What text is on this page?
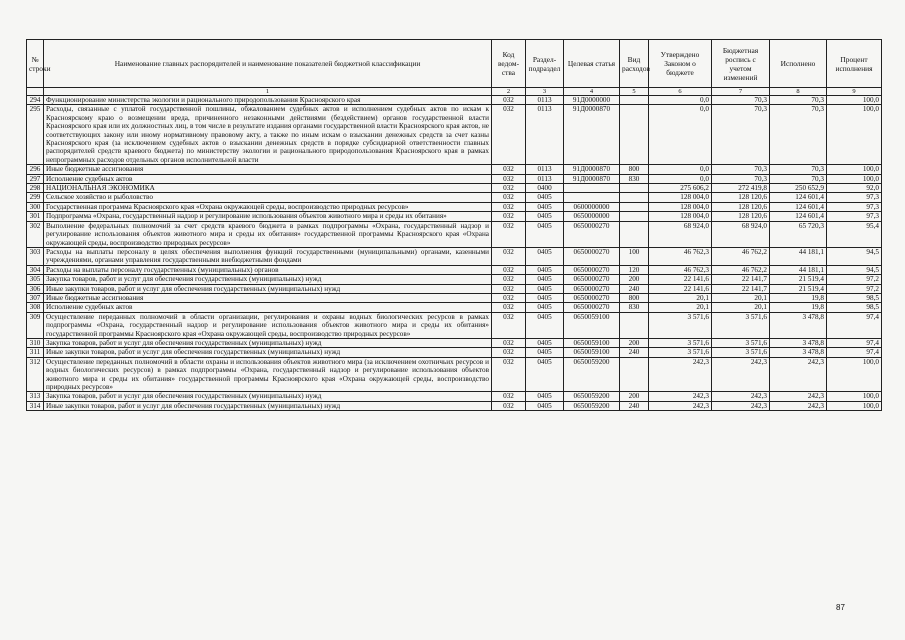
№ строки	Наименование главных распорядителей и наименование показателей бюджетной классификации	Код ведом-ства	Раздел-подраздел	Целевая статья	Вид расходов	Утверждено Законом о бюджете	Бюджетная роспись с учетом изменений	Исполнено	Процент исполнения
	1	2	3	4	5	6	7	8	9
294	Функционирование министерства экологии и рационального природопользования Красноярского края	032	0113	91Д0000000		0,0	70,3	70,3	100,0
295	Расходы, связанные с уплатой государственной пошлины, обжалованием судебных актов и исполнением судебных актов по искам к Красноярскому краю о возмещении вреда, причиненного незаконными действиями (бездействием) органов государственной власти Красноярского края или их должностных лиц, в том числе в результате издания органами государственной власти Красноярского края актов, не соответствующих закону или иному нормативному правовому акту, а также по иным искам о взыскании денежных средств за счет казны Красноярского края (за исключением судебных актов о взыскании денежных средств в порядке субсидиарной ответственности главных распорядителей средств краевого бюджета) по министерству экологии и рационального природопользования Красноярского края в рамках непрограммных расходов отдельных органов исполнительной власти	032	0113	91Д0000870		0,0	70,3	70,3	100,0
296	Иные бюджетные ассигнования	032	0113	91Д0000870	800	0,0	70,3	70,3	100,0
297	Исполнение судебных актов	032	0113	91Д0000870	830	0,0	70,3	70,3	100,0
298	НАЦИОНАЛЬНАЯ ЭКОНОМИКА	032	0400			275 606,2	272 419,8	250 652,9	92,0
299	Сельское хозяйство и рыболовство	032	0405			128 004,0	128 120,6	124 601,4	97,3
300	Государственная программа Красноярского края «Охрана окружающей среды, воспроизводство природных ресурсов»	032	0405	0600000000		128 004,0	128 120,6	124 601,4	97,3
301	Подпрограмма «Охрана, государственный надзор и регулирование использования объектов животного мира и среды их обитания»	032	0405	0650000000		128 004,0	128 120,6	124 601,4	97,3
302	Выполнение федеральных полномочий за счет средств краевого бюджета в рамках подпрограммы «Охрана, государственный надзор и регулирование использования объектов животного мира и среды их обитания» государственной программы Красноярского края «Охрана окружающей среды, воспроизводство природных ресурсов»	032	0405	0650000270		68 924,0	68 924,0	65 720,3	95,4
303	Расходы на выплаты персоналу в целях обеспечения выполнения функций государственными (муниципальными) органами, казенными учреждениями, органами управления государственными внебюджетными фондами	032	0405	0650000270	100	46 762,3	46 762,2	44 181,1	94,5
304	Расходы на выплаты персоналу государственных (муниципальных) органов	032	0405	0650000270	120	46 762,3	46 762,2	44 181,1	94,5
305	Закупка товаров, работ и услуг для обеспечения государственных (муниципальных) нужд	032	0405	0650000270	200	22 141,6	22 141,7	21 519,4	97,2
306	Иные закупки товаров, работ и услуг для обеспечения государственных (муниципальных) нужд	032	0405	0650000270	240	22 141,6	22 141,7	21 519,4	97,2
307	Иные бюджетные ассигнования	032	0405	0650000270	800	20,1	20,1	19,8	98,5
308	Исполнение судебных актов	032	0405	0650000270	830	20,1	20,1	19,8	98,5
309	Осуществление переданных полномочий в области организации, регулирования и охраны водных биологических ресурсов в рамках подпрограммы «Охрана, государственный надзор и регулирование использования объектов животного мира и среды их обитания» государственной программы Красноярского края «Охрана окружающей среды, воспроизводство природных ресурсов»	032	0405	0650059100		3 571,6	3 571,6	3 478,8	97,4
310	Закупка товаров, работ и услуг для обеспечения государственных (муниципальных) нужд	032	0405	0650059100	200	3 571,6	3 571,6	3 478,8	97,4
311	Иные закупки товаров, работ и услуг для обеспечения государственных (муниципальных) нужд	032	0405	0650059100	240	3 571,6	3 571,6	3 478,8	97,4
312	Осуществление переданных полномочий в области охраны и использования объектов животного мира (за исключением охотничьих ресурсов и водных биологических ресурсов) в рамках подпрограммы «Охрана, государственный надзор и регулирование использования объектов животного мира и среды их обитания» государственной программы Красноярского края «Охрана окружающей среды, воспроизводство природных ресурсов»	032	0405	0650059200		242,3	242,3	242,3	100,0
313	Закупка товаров, работ и услуг для обеспечения государственных (муниципальных) нужд	032	0405	0650059200	200	242,3	242,3	242,3	100,0
314	Иные закупки товаров, работ и услуг для обеспечения государственных (муниципальных) нужд	032	0405	0650059200	240	242,3	242,3	242,3	100,0
87
